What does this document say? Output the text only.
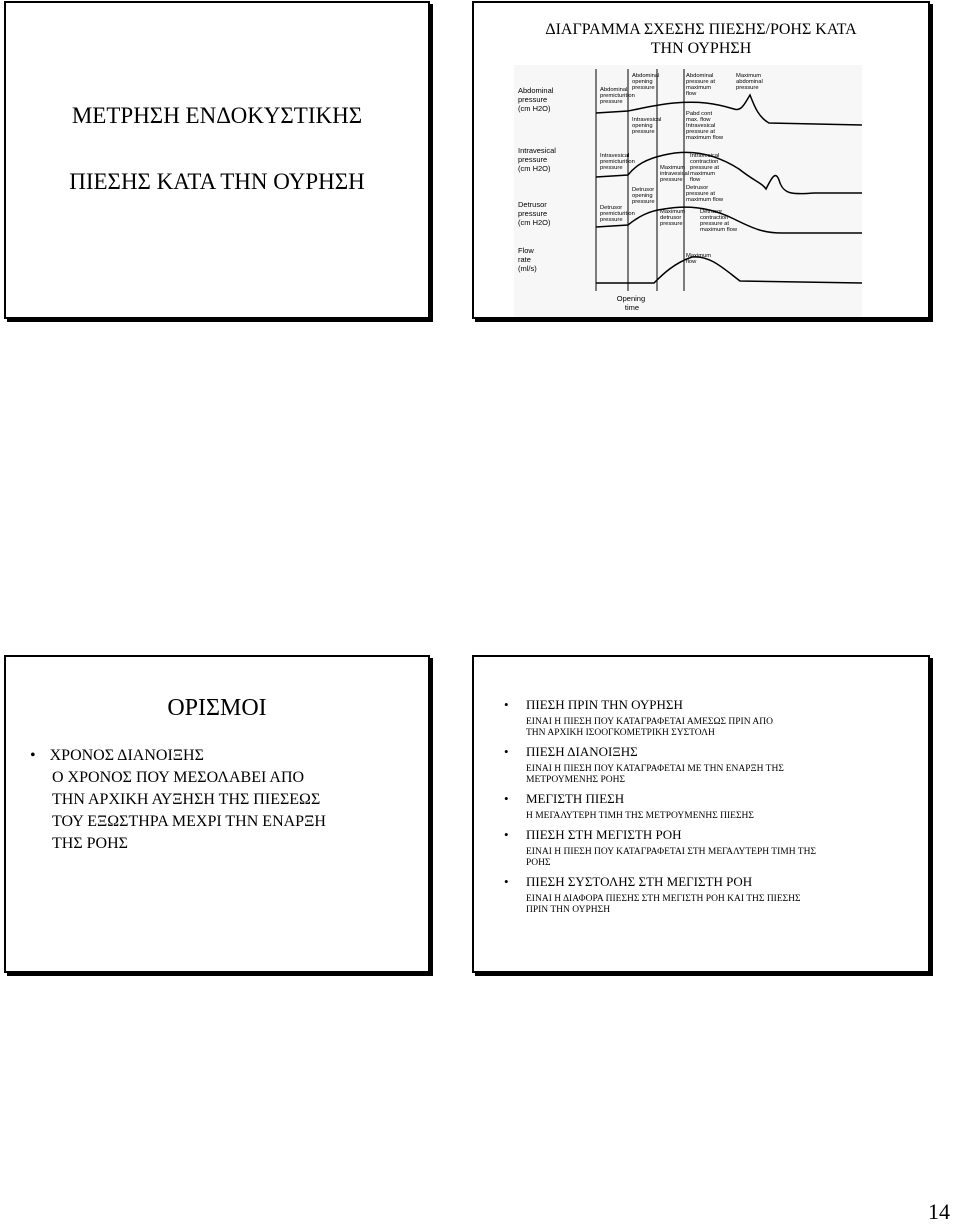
ΜΕΤΡΗΣΗ ΕΝΔΟΚΥΣΤΙΚΗΣ
ΠΙΕΣΗΣ ΚΑΤΑ ΤΗΝ ΟΥΡΗΣΗ
ΔΙΑΓΡΑΜΜΑ ΣΧΕΣΗΣ ΠΙΕΣΗΣ/ΡΟΗΣ ΚΑΤΑ
ΤΗΝ ΟΥΡΗΣΗ
Abdominal pressure (cm H2O)
Intravesical pressure (cm H2O)
Detrusor pressure (cm H2O)
Flow rate (ml/s)
Abdominal premicturition pressure
Abdominal opening pressure
Abdominal pressure at maximum flow
Maximum abdominal pressure
Pabd cont max. flow
Intravesical opening pressure
Intravesical pressure at maximum flow
Intravesical premicturition pressure	Maximum intravesical pressure
Intravesical contraction pressure at maximum flow
Detrusor premicturition pressure
Detrusor opening pressure
Detrusor pressure at maximum flow
Maximum detrusor pressure
Detrusor contraction pressure at maximum flow
Maximum flow
Opening time
ΟΡΙΣΜΟΙ
• ΧΡΟΝΟΣ ΔΙΑΝΟΙΞΗΣ
Ο ΧΡΟΝΟΣ ΠΟΥ ΜΕΣΟΛΑΒΕΙ ΑΠΟ
ΤΗΝ ΑΡΧΙΚΗ ΑΥΞΗΣΗ ΤΗΣ ΠΙΕΣΕΩΣ
ΤΟΥ ΕΞΩΣΤΗΡΑ ΜΕΧΡΙ ΤΗΝ ΕΝΑΡΞΗ
ΤΗΣ ΡΟΗΣ
• ΠΙΕΣΗ ΠΡΙΝ ΤΗΝ ΟΥΡΗΣΗ
ΕΙΝΑΙ Η ΠΙΕΣΗ ΠΟΥ ΚΑΤΑΓΡΑΦΕΤΑΙ ΑΜΕΣΩΣ ΠΡΙΝ ΑΠΟ
ΤΗΝ ΑΡΧΙΚΗ ΙΣΟΟΓΚΟΜΕΤΡΙΚΗ ΣΥΣΤΟΛΗ
• ΠΙΕΣΗ ΔΙΑΝΟΙΞΗΣ
ΕΙΝΑΙ Η ΠΙΕΣΗ ΠΟΥ ΚΑΤΑΓΡΑΦΕΤΑΙ ΜΕ ΤΗΝ ΕΝΑΡΞΗ ΤΗΣ
ΜΕΤΡΟΥΜΕΝΗΣ ΡΟΗΣ
• ΜΕΓΙΣΤΗ ΠΙΕΣΗ
Η ΜΕΓΑΛΥΤΕΡΗ ΤΙΜΗ ΤΗΣ ΜΕΤΡΟΥΜΕΝΗΣ ΠΙΕΣΗΣ
• ΠΙΕΣΗ ΣΤΗ ΜΕΓΙΣΤΗ ΡΟΗ
ΕΙΝΑΙ Η ΠΙΕΣΗ ΠΟΥ ΚΑΤΑΓΡΑΦΕΤΑΙ ΣΤΗ ΜΕΓΑΛΥΤΕΡΗ ΤΙΜΗ ΤΗΣ
ΡΟΗΣ
• ΠΙΕΣΗ ΣΥΣΤΟΛΗΣ ΣΤΗ ΜΕΓΙΣΤΗ ΡΟΗ
ΕΙΝΑΙ Η ΔΙΑΦΟΡΑ ΠΙΕΣΗΣ ΣΤΗ ΜΕΓΙΣΤΗ ΡΟΗ ΚΑΙ ΤΗΣ ΠΙΕΣΗΣ
ΠΡΙΝ ΤΗΝ ΟΥΡΗΣΗ
14
